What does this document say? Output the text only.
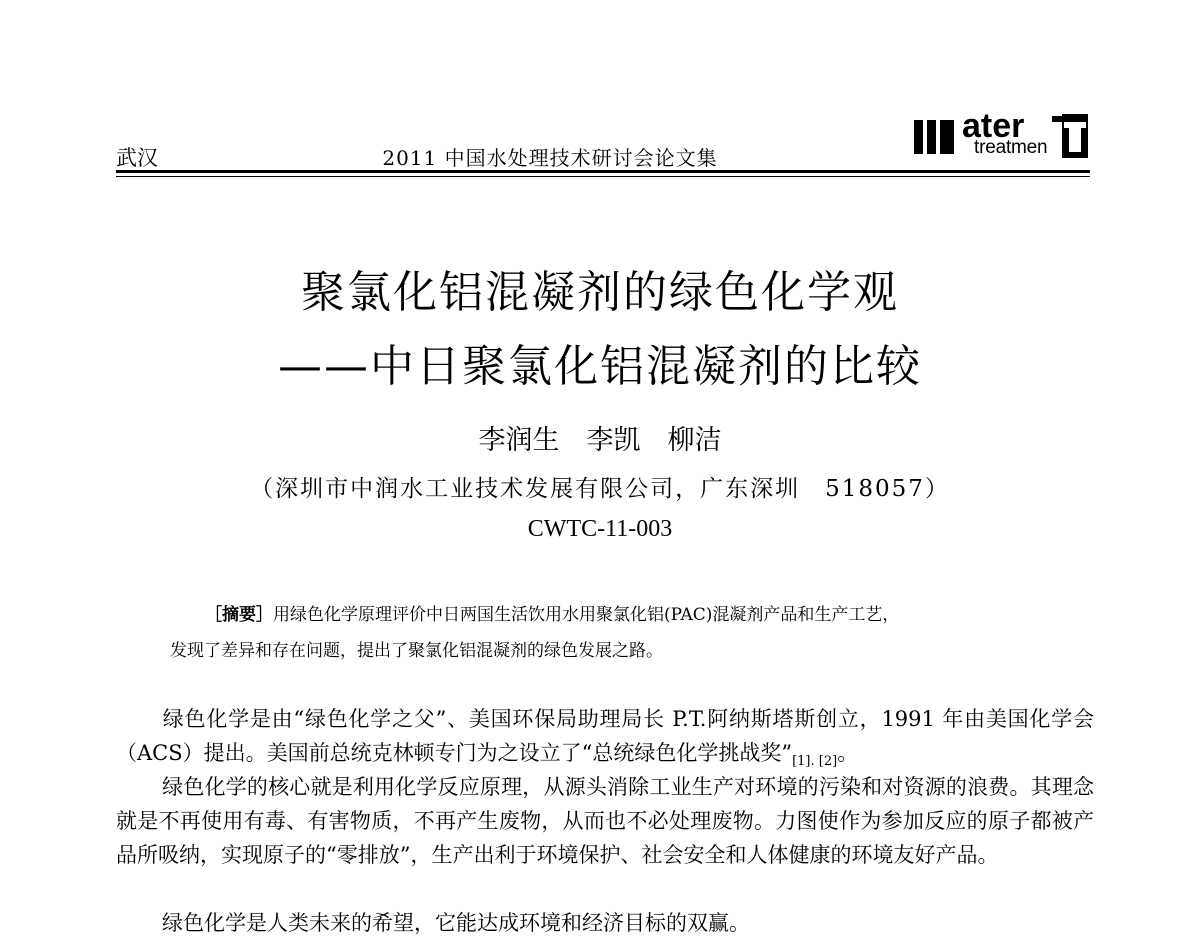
武汉	2011 中国水处理技术研讨会论文集
ater
treatmen
聚氯化铝混凝剂的绿色化学观
——中日聚氯化铝混凝剂的比较
李润生　李凯　柳洁
（深圳市中润水工业技术发展有限公司，广东深圳　518057）
CWTC-11-003
［摘要］用绿色化学原理评价中日两国生活饮用水用聚氯化铝(PAC)混凝剂产品和生产工艺，
发现了差异和存在问题，提出了聚氯化铝混凝剂的绿色发展之路。
绿色化学是由“绿色化学之父”、美国环保局助理局长 P.T.阿纳斯塔斯创立，1991 年由美国化学会（ACS）提出。美国前总统克林顿专门为之设立了“总统绿色化学挑战奖$”_{[1]. [2]}$。
绿色化学的核心就是利用化学反应原理，从源头消除工业生产对环境的污染和对资源的浪费。其理念就是不再使用有毒、有害物质，不再产生废物，从而也不必处理废物。力图使作为参加反应的原子都被产品所吸纳，实现原子的“零排放”，生产出利于环境保护、社会安全和人体健康的环境友好产品。
绿色化学是人类未来的希望，它能达成环境和经济目标的双赢。
